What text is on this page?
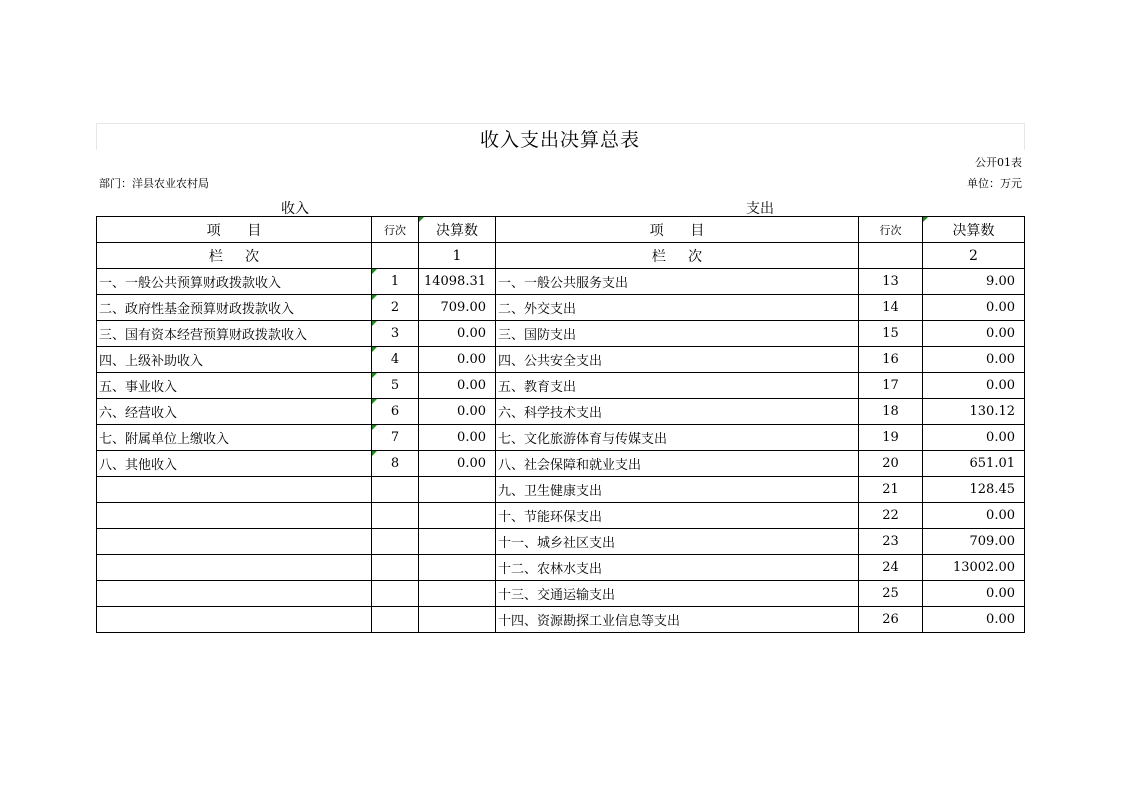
收入支出决算总表
公开01表
部门：洋县农业农村局	单位：万元
收入	支出
项      目	行次	决算数	项      目	行次	决算数
栏     次		1	栏     次		2
一、一般公共预算财政拨款收入	1	14098.31	一、一般公共服务支出	13	9.00
二、政府性基金预算财政拨款收入	2	709.00	二、外交支出	14	0.00
三、国有资本经营预算财政拨款收入	3	0.00	三、国防支出	15	0.00
四、上级补助收入	4	0.00	四、公共安全支出	16	0.00
五、事业收入	5	0.00	五、教育支出	17	0.00
六、经营收入	6	0.00	六、科学技术支出	18	130.12
七、附属单位上缴收入	7	0.00	七、文化旅游体育与传媒支出	19	0.00
八、其他收入	8	0.00	八、社会保障和就业支出	20	651.01
			九、卫生健康支出	21	128.45
			十、节能环保支出	22	0.00
			十一、城乡社区支出	23	709.00
			十二、农林水支出	24	13002.00
			十三、交通运输支出	25	0.00
			十四、资源勘探工业信息等支出	26	0.00
